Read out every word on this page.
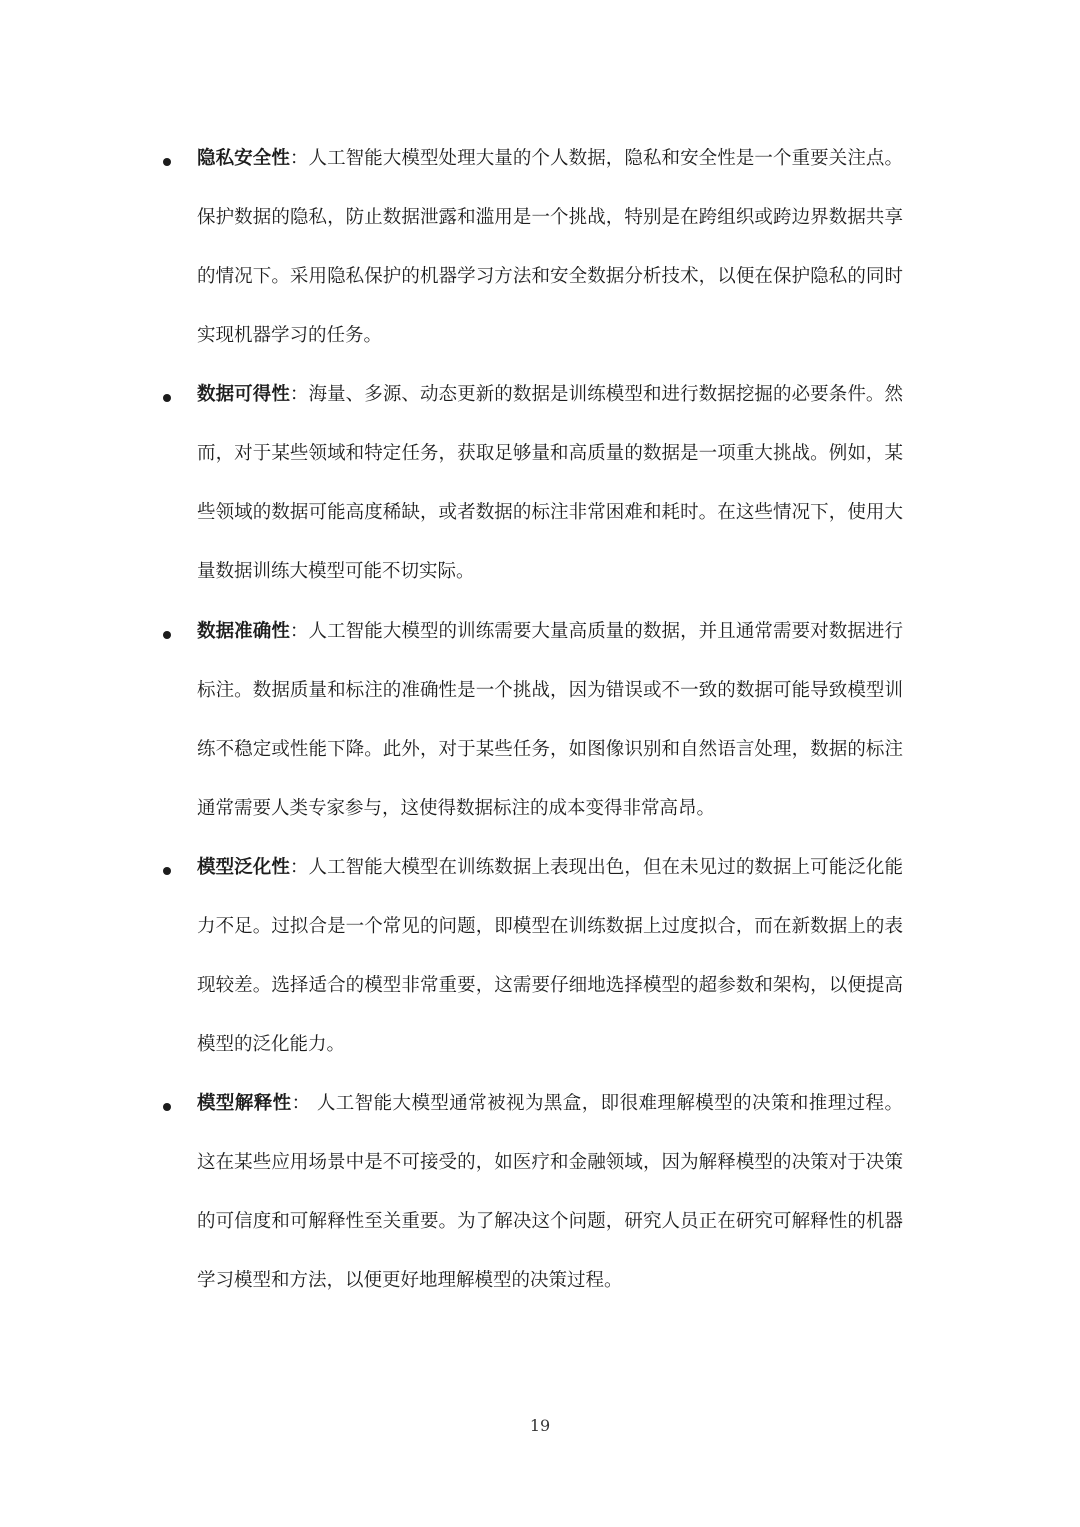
隐私安全性：人工智能大模型处理大量的个人数据，隐私和安全性是一个重要关注点。保护数据的隐私，防止数据泄露和滥用是一个挑战，特别是在跨组织或跨边界数据共享的情况下。采用隐私保护的机器学习方法和安全数据分析技术，以便在保护隐私的同时实现机器学习的任务。

数据可得性：海量、多源、动态更新的数据是训练模型和进行数据挖掘的必要条件。然而，对于某些领域和特定任务，获取足够量和高质量的数据是一项重大挑战。例如，某些领域的数据可能高度稀缺，或者数据的标注非常困难和耗时。在这些情况下，使用大量数据训练大模型可能不切实际。

数据准确性：人工智能大模型的训练需要大量高质量的数据，并且通常需要对数据进行标注。数据质量和标注的准确性是一个挑战，因为错误或不一致的数据可能导致模型训练不稳定或性能下降。此外，对于某些任务，如图像识别和自然语言处理，数据的标注通常需要人类专家参与，这使得数据标注的成本变得非常高昂。

模型泛化性：人工智能大模型在训练数据上表现出色，但在未见过的数据上可能泛化能力不足。过拟合是一个常见的问题，即模型在训练数据上过度拟合，而在新数据上的表现较差。选择适合的模型非常重要，这需要仔细地选择模型的超参数和架构，以便提高模型的泛化能力。

模型解释性： 人工智能大模型通常被视为黑盒，即很难理解模型的决策和推理过程。这在某些应用场景中是不可接受的，如医疗和金融领域，因为解释模型的决策对于决策的可信度和可解释性至关重要。为了解决这个问题，研究人员正在研究可解释性的机器学习模型和方法，以便更好地理解模型的决策过程。

19
